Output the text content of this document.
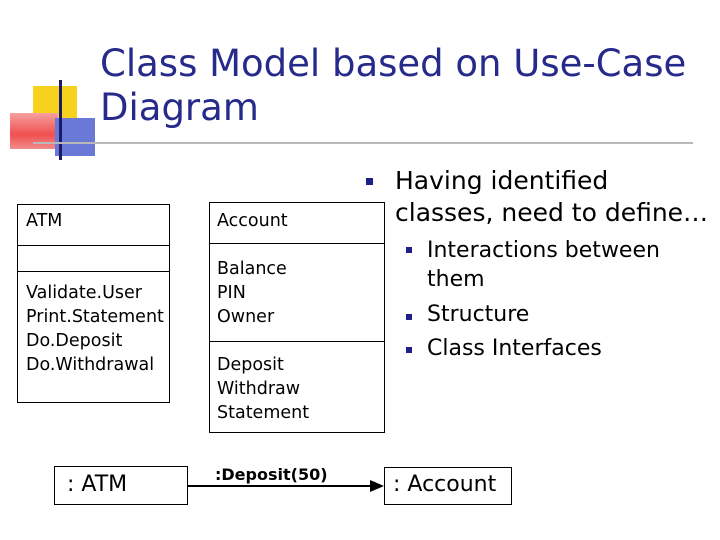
Class Model based on Use-Case Diagram
ATM
Validate.User
Print.Statement
Do.Deposit
Do.Withdrawal
Account
Balance
PIN
Owner
Deposit
Withdraw
Statement
: ATM	:Deposit(50)	: Account
Having identified classes, need to define…
Interactions between them
Structure
Class Interfaces
